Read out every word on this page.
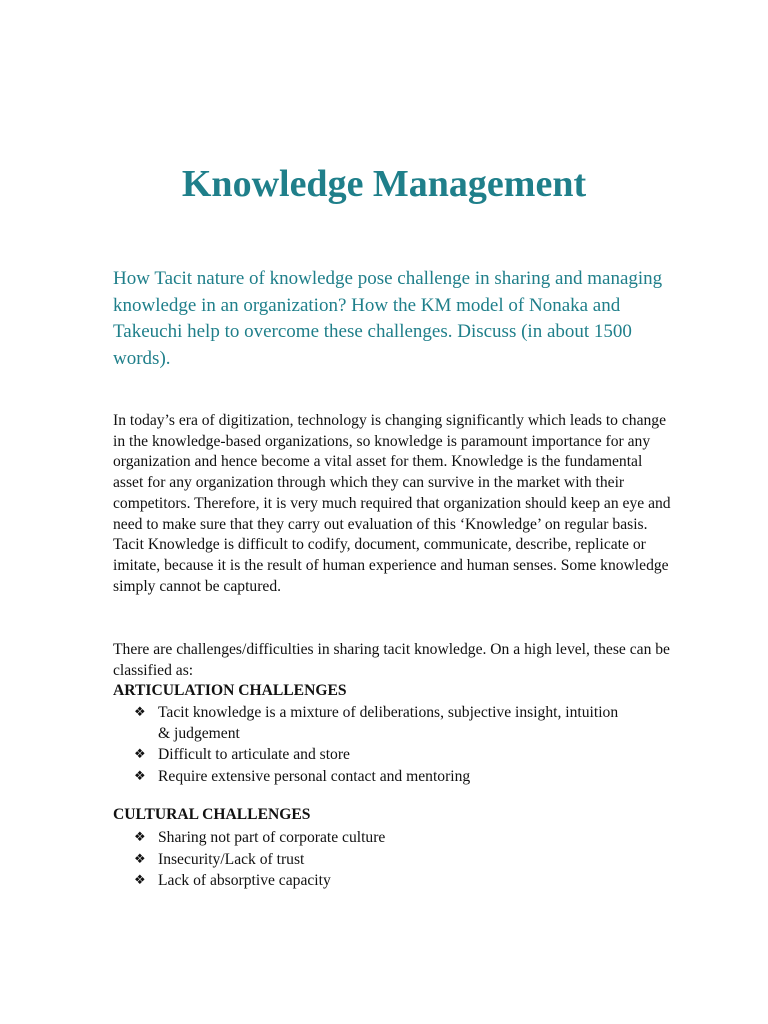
Knowledge Management

How Tacit nature of knowledge pose challenge in sharing and managing knowledge in an organization? How the KM model of Nonaka and Takeuchi help to overcome these challenges. Discuss (in about 1500 words).

In today’s era of digitization, technology is changing significantly which leads to change in the knowledge-based organizations, so knowledge is paramount importance for any organization and hence become a vital asset for them. Knowledge is the fundamental asset for any organization through which they can survive in the market with their competitors. Therefore, it is very much required that organization should keep an eye and need to make sure that they carry out evaluation of this ‘Knowledge’ on regular basis. Tacit Knowledge is difficult to codify, document, communicate, describe, replicate or imitate, because it is the result of human experience and human senses. Some knowledge simply cannot be captured.

There are challenges/difficulties in sharing tacit knowledge. On a high level, these can be classified as:

ARTICULATION CHALLENGES
❖ Tacit knowledge is a mixture of deliberations, subjective insight, intuition & judgement
❖ Difficult to articulate and store
❖ Require extensive personal contact and mentoring
CULTURAL CHALLENGES
❖ Sharing not part of corporate culture
❖ Insecurity/Lack of trust
❖ Lack of absorptive capacity
